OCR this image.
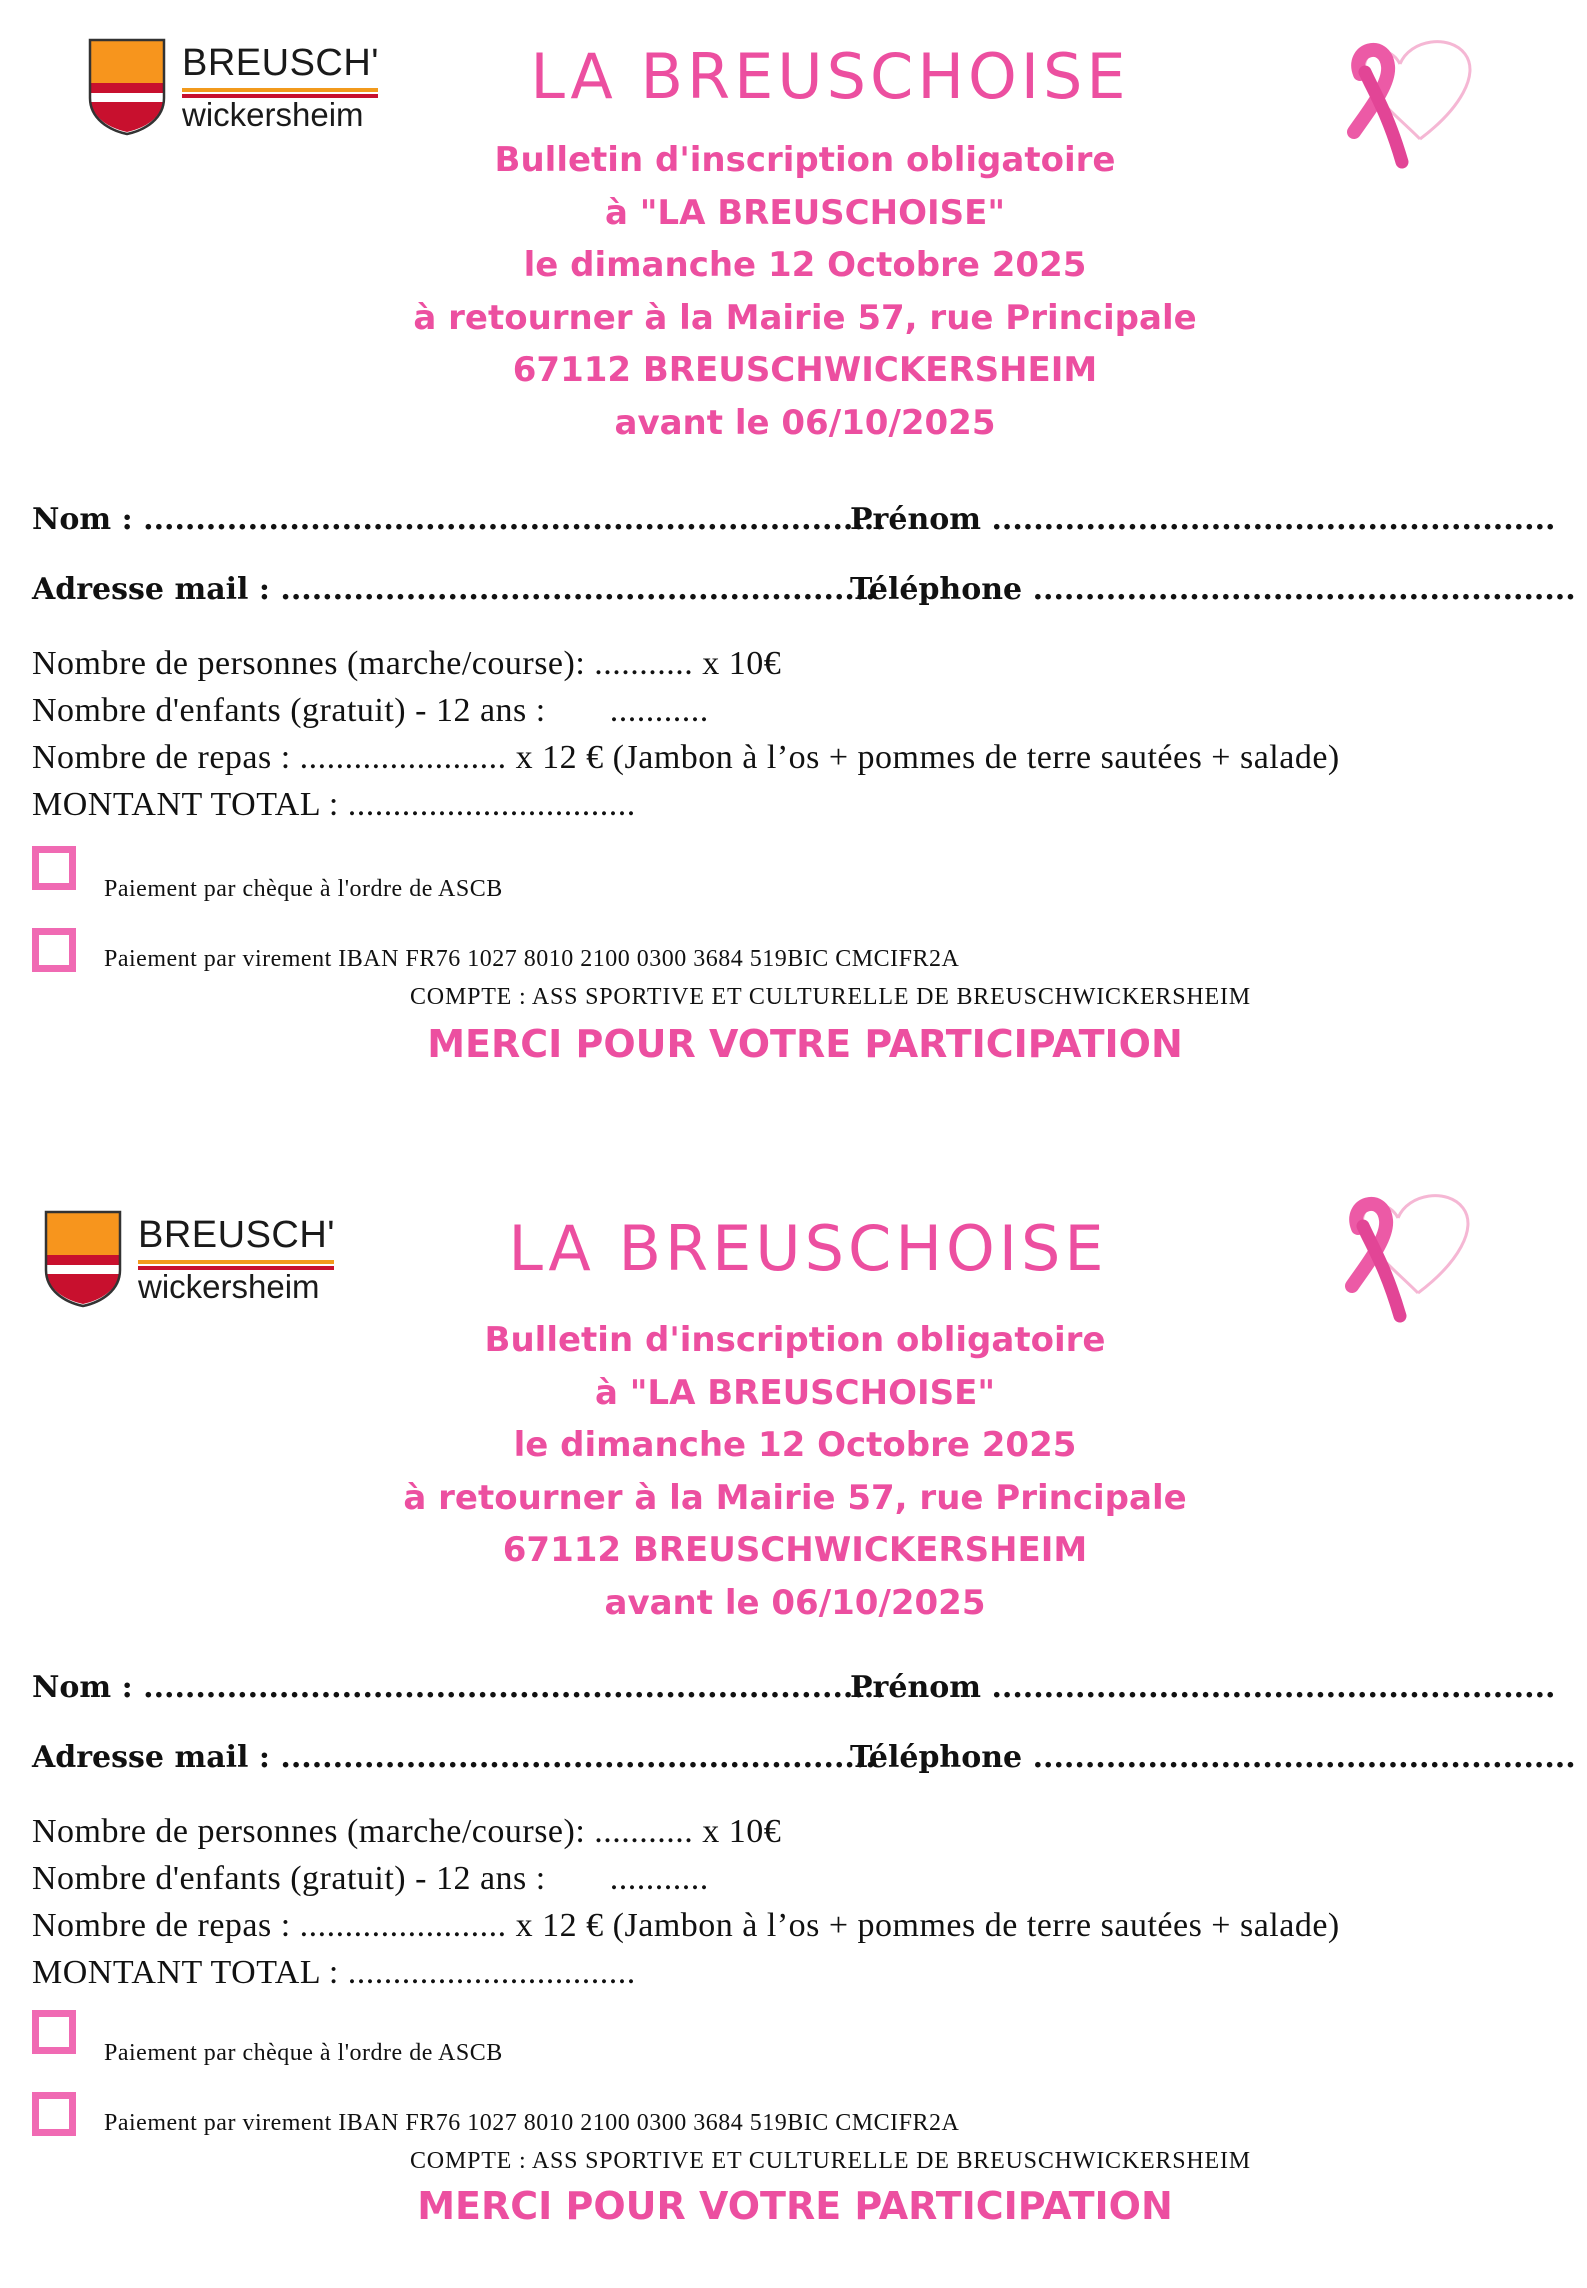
BREUSCH'
wickersheim
LA BREUSCHOISE
Bulletin d'inscription obligatoire
à "LA BREUSCHOISE"
le dimanche 12 Octobre 2025
à retourner à la Mairie 57, rue Principale
67112 BREUSCHWICKERSHEIM
avant le 06/10/2025
Nom : .......................................................................
Prénom ......................................................
Adresse mail : .........................................................
Téléphone ....................................................
Nombre de personnes (marche/course): ........... x 10€
Nombre d'enfants (gratuit) - 12 ans : ...........
Nombre de repas : ....................... x 12 € (Jambon à l’os + pommes de terre sautées + salade)
MONTANT TOTAL : ................................
Paiement par chèque à l'ordre de ASCB
Paiement par virement IBAN FR76 1027 8010 2100 0300 3684 519BIC CMCIFR2A
COMPTE : ASS SPORTIVE ET CULTURELLE DE BREUSCHWICKERSHEIM
MERCI POUR VOTRE PARTICIPATION
BREUSCH'
wickersheim
LA BREUSCHOISE
Bulletin d'inscription obligatoire
à "LA BREUSCHOISE"
le dimanche 12 Octobre 2025
à retourner à la Mairie 57, rue Principale
67112 BREUSCHWICKERSHEIM
avant le 06/10/2025
Nom : .......................................................................
Prénom ......................................................
Adresse mail : .........................................................
Téléphone ....................................................
Nombre de personnes (marche/course): ........... x 10€
Nombre d'enfants (gratuit) - 12 ans : ...........
Nombre de repas : ....................... x 12 € (Jambon à l’os + pommes de terre sautées + salade)
MONTANT TOTAL : ................................
Paiement par chèque à l'ordre de ASCB
Paiement par virement IBAN FR76 1027 8010 2100 0300 3684 519BIC CMCIFR2A
COMPTE : ASS SPORTIVE ET CULTURELLE DE BREUSCHWICKERSHEIM
MERCI POUR VOTRE PARTICIPATION
